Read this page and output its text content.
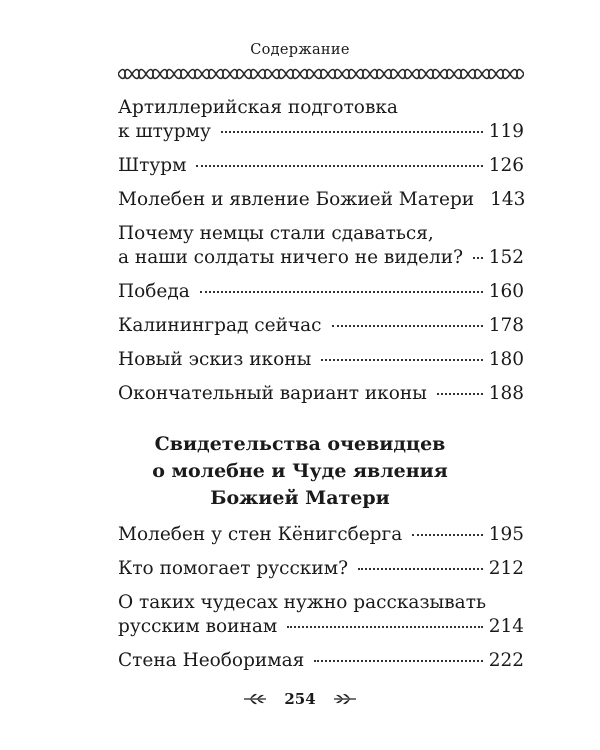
Содержание
Артиллерийская подготовка
к штурму	119
Штурм	126
Молебен и явление Божией Матери 143
Почему немцы стали сдаваться,
а наши солдаты ничего не видели? 152
Победа	160
Калининград сейчас	178
Новый эскиз иконы	180
Окончательный вариант иконы	188
Свидетельства очевидцев
о молебне и Чуде явления
Божией Матери
Молебен у стен Кёнигсберга	195
Кто помогает русским?	212
О таких чудесах нужно рассказывать
русским воинам	214
Стена Необоримая	222
254
